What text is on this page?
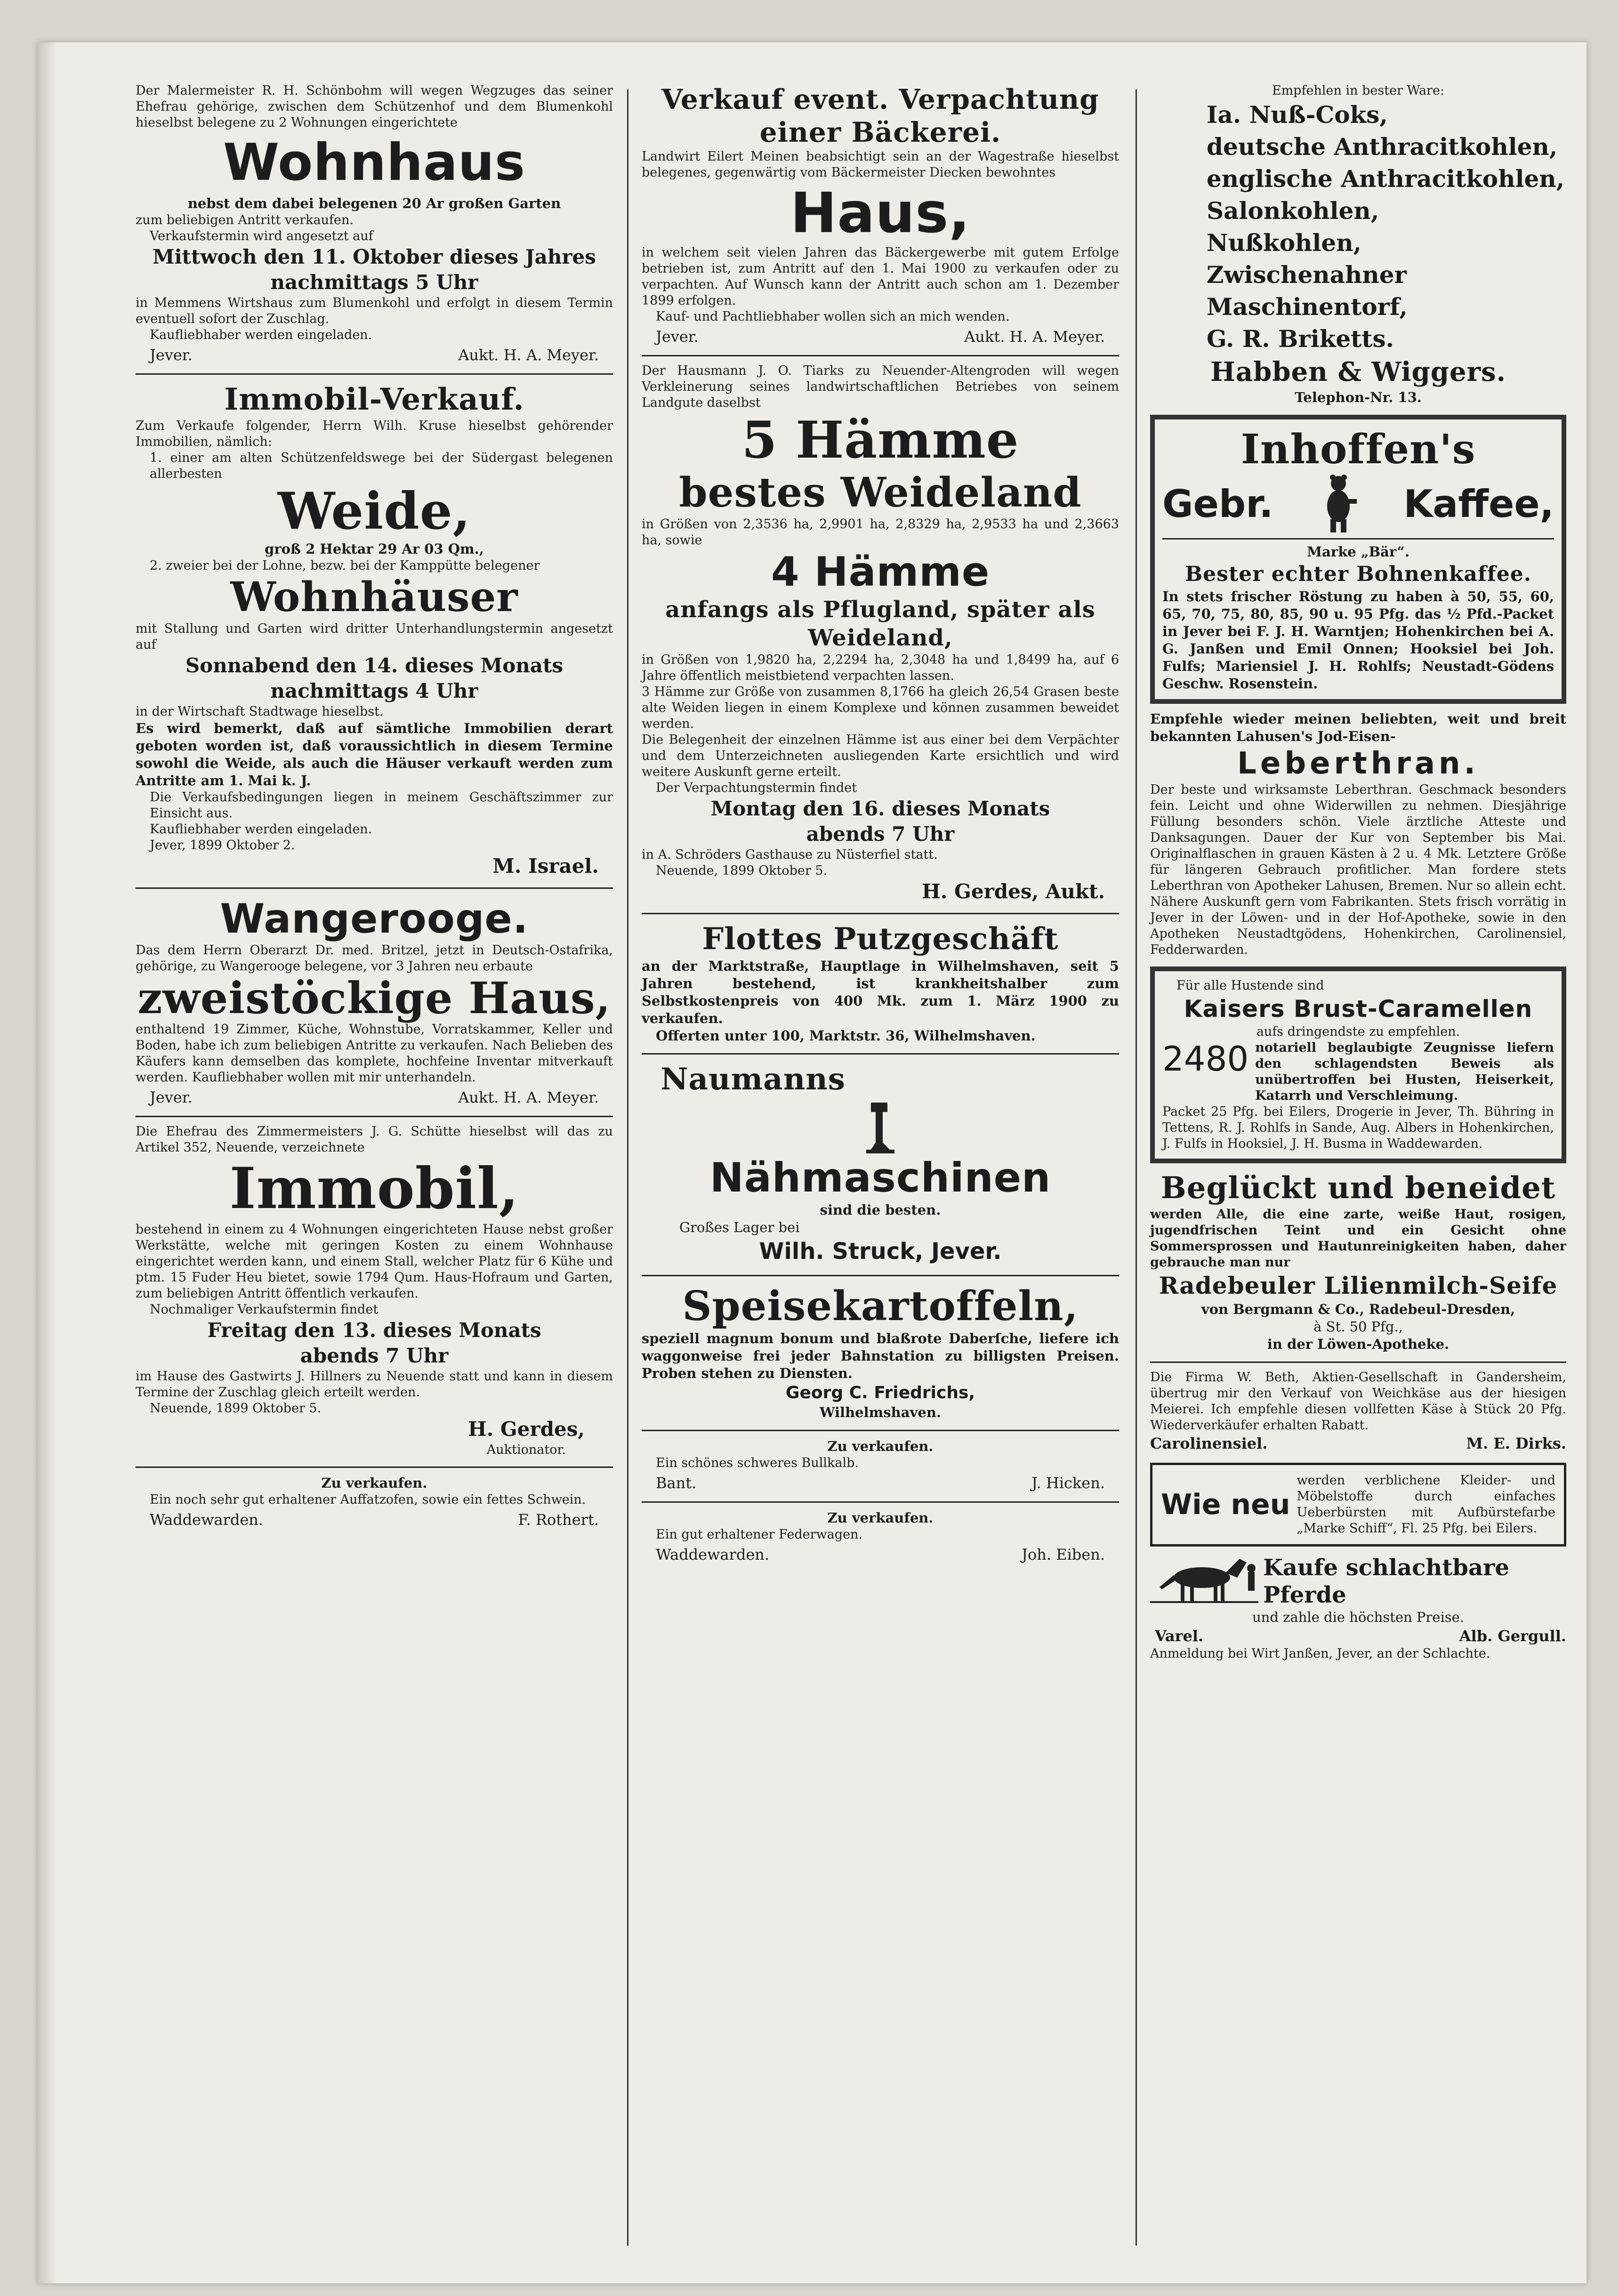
Der Malermeister R. H. Schönbohm will wegen Wegzuges das seiner Ehefrau gehörige, zwischen dem Schützenhof und dem Blumenkohl hieselbst belegene zu 2 Wohnungen eingerichtete

Wohnhaus

nebst dem dabei belegenen 20 Ar großen Garten

zum beliebigen Antritt verkaufen.

Verkaufstermin wird angesetzt auf

Mittwoch den 11. Oktober dieses Jahres

nachmittags 5 Uhr

in Memmens Wirtshaus zum Blumenkohl und erfolgt in diesem Termin eventuell sofort der Zuschlag.

Kaufliebhaber werden eingeladen.

Jever.	Aukt. H. A. Meyer.
Immobil-Verkauf.

Zum Verkaufe folgender, Herrn Wilh. Kruse hieselbst gehörender Immobilien, nämlich:

1. einer am alten Schützenfeldswege bei der Südergast belegenen allerbesten

Weide,

groß 2 Hektar 29 Ar 03 Qm.,

2. zweier bei der Lohne, bezw. bei der Kamppütte belegener

Wohnhäuser

mit Stallung und Garten wird dritter Unterhandlungstermin angesetzt auf

Sonnabend den 14. dieses Monats

nachmittags 4 Uhr

in der Wirtschaft Stadtwage hieselbst.

Es wird bemerkt, daß auf sämtliche Immobilien derart geboten worden ist, daß voraussichtlich in diesem Termine sowohl die Weide, als auch die Häuser verkauft werden zum Antritte am 1. Mai k. J.

Die Verkaufsbedingungen liegen in meinem Geschäftszimmer zur Einsicht aus.

Kaufliebhaber werden eingeladen.

Jever, 1899 Oktober 2.

M. Israel.

Wangerooge.

Das dem Herrn Oberarzt Dr. med. Britzel, jetzt in Deutsch-Ostafrika, gehörige, zu Wangerooge belegene, vor 3 Jahren neu erbaute

zweistöckige Haus,

enthaltend 19 Zimmer, Küche, Wohnstube, Vorratskammer, Keller und Boden, habe ich zum beliebigen Antritte zu verkaufen. Nach Belieben des Käufers kann demselben das komplete, hochfeine Inventar mitverkauft werden. Kaufliebhaber wollen mit mir unterhandeln.

Jever.	Aukt. H. A. Meyer.

Die Ehefrau des Zimmermeisters J. G. Schütte hieselbst will das zu Artikel 352, Neuende, verzeichnete

Immobil,

bestehend in einem zu 4 Wohnungen eingerichteten Hause nebst großer Werkstätte, welche mit geringen Kosten zu einem Wohnhause eingerichtet werden kann, und einem Stall, welcher Platz für 6 Kühe und ptm. 15 Fuder Heu bietet, sowie 1794 Qum. Haus-Hofraum und Garten, zum beliebigen Antritt öffentlich verkaufen.

Nochmaliger Verkaufstermin findet

Freitag den 13. dieses Monats

abends 7 Uhr

im Hause des Gastwirts J. Hillners zu Neuende statt und kann in diesem Termine der Zuschlag gleich erteilt werden.

Neuende, 1899 Oktober 5.

H. Gerdes,

Auktionator.

Zu verkaufen.

Ein noch sehr gut erhaltener Auffatzofen, sowie ein fettes Schwein.

Waddewarden.	F. Rothert.
Verkauf event. Verpachtung
einer Bäckerei.

Landwirt Eilert Meinen beabsichtigt sein an der Wagestraße hieselbst belegenes, gegenwärtig vom Bäckermeister Diecken bewohntes

Haus,

in welchem seit vielen Jahren das Bäckergewerbe mit gutem Erfolge betrieben ist, zum Antritt auf den 1. Mai 1900 zu verkaufen oder zu verpachten. Auf Wunsch kann der Antritt auch schon am 1. Dezember 1899 erfolgen.

Kauf- und Pachtliebhaber wollen sich an mich wenden.

Jever.	Aukt. H. A. Meyer.

Der Hausmann J. O. Tiarks zu Neuender-Altengroden will wegen Verkleinerung seines landwirtschaftlichen Betriebes von seinem Landgute daselbst

5 Hämme
bestes Weideland

in Größen von 2,3536 ha, 2,9901 ha, 2,8329 ha, 2,9533 ha und 2,3663 ha, sowie

4 Hämme
anfangs als Pflugland, später als Weideland,

in Größen von 1,9820 ha, 2,2294 ha, 2,3048 ha und 1,8499 ha, auf 6 Jahre öffentlich meistbietend verpachten lassen.

3 Hämme zur Größe von zusammen 8,1766 ha gleich 26,54 Grasen beste alte Weiden liegen in einem Komplexe und können zusammen beweidet werden.

Die Belegenheit der einzelnen Hämme ist aus einer bei dem Verpächter und dem Unterzeichneten ausliegenden Karte ersichtlich und wird weitere Auskunft gerne erteilt.

Der Verpachtungstermin findet

Montag den 16. dieses Monats

abends 7 Uhr

in A. Schröders Gasthause zu Nüsterfiel statt.

Neuende, 1899 Oktober 5.

H. Gerdes, Aukt.

Flottes Putzgeschäft

an der Marktstraße, Hauptlage in Wilhelmshaven, seit 5 Jahren bestehend, ist krankheitshalber zum Selbstkostenpreis von 400 Mk. zum 1. März 1900 zu verkaufen.

Offerten unter 100, Marktstr. 36, Wilhelmshaven.

Naumanns
Nähmaschinen

sind die besten.

Großes Lager bei

Wilh. Struck, Jever.

Speisekartoffeln,

speziell magnum bonum und blaßrote Daberſche, liefere ich waggonweise frei jeder Bahnstation zu billigsten Preisen. Proben stehen zu Diensten.

Georg C. Friedrichs,

Wilhelmshaven.

Zu verkaufen.

Ein schönes schweres Bullkalb.

Bant.	J. Hicken.

Zu verkaufen.

Ein gut erhaltener Federwagen.

Waddewarden.	Joh. Eiben.

Empfehlen in bester Ware:

Ia. Nuß-Coks,
deutsche Anthracitkohlen,
englische Anthracitkohlen,
Salonkohlen,
Nußkohlen,
Zwischenahner Maschinentorf,
G. R. Briketts.
Habben & Wiggers.

Telephon-Nr. 13.

Inhoffen's
Gebr.	Kaffee,

Marke „Bär“.

Bester echter Bohnenkaffee.

In stets frischer Röstung zu haben à 50, 55, 60, 65, 70, 75, 80, 85, 90 u. 95 Pfg. das ½ Pfd.-Packet in Jever bei F. J. H. Warntjen; Hohenkirchen bei A. G. Janßen und Emil Onnen; Hooksiel bei Joh. Fulfs; Mariensiel J. H. Rohlfs; Neustadt-Gödens Geschw. Rosenstein.

Empfehle wieder meinen beliebten, weit und breit bekannten Lahusen's Jod-Eisen-

Leberthran.

Der beste und wirksamste Leberthran. Geschmack besonders fein. Leicht und ohne Widerwillen zu nehmen. Diesjährige Füllung besonders schön. Viele ärztliche Atteste und Danksagungen. Dauer der Kur von September bis Mai. Originalflaschen in grauen Kästen à 2 u. 4 Mk. Letztere Größe für längeren Gebrauch profitlicher. Man fordere stets Leberthran von Apotheker Lahusen, Bremen. Nur so allein echt. Nähere Auskunft gern vom Fabrikanten. Stets frisch vorrätig in Jever in der Löwen- und in der Hof-Apotheke, sowie in den Apotheken Neustadtgödens, Hohenkirchen, Carolinensiel, Fedderwarden.

Für alle Hustende sind

Kaisers Brust-Caramellen

aufs dringendste zu empfehlen.

2480 notariell beglaubigte Zeugnisse liefern den schlagendsten Beweis als unübertroffen bei Husten, Heiserkeit, Katarrh und Verschleimung.

Packet 25 Pfg. bei Eilers, Drogerie in Jever, Th. Bühring in Tettens, R. J. Rohlfs in Sande, Aug. Albers in Hohenkirchen, J. Fulfs in Hooksiel, J. H. Busma in Waddewarden.

Beglückt und beneidet

werden Alle, die eine zarte, weiße Haut, rosigen, jugendfrischen Teint und ein Gesicht ohne Sommersprossen und Hautunreinigkeiten haben, daher gebrauche man nur

Radebeuler Lilienmilch-Seife

von Bergmann & Co., Radebeul-Dresden,

à St. 50 Pfg.,

in der Löwen-Apotheke.

Die Firma W. Beth, Aktien-Gesellschaft in Gandersheim, übertrug mir den Verkauf von Weichkäse aus der hiesigen Meierei. Ich empfehle diesen vollfetten Käse à Stück 20 Pfg. Wiederverkäufer erhalten Rabatt.

Carolinensiel.	M. E. Dirks.
Wie neu

werden verblichene Kleider- und Möbelstoffe durch einfaches Ueberbürsten mit Aufbürstefarbe „Marke Schiff“, Fl. 25 Pfg. bei Eilers.

Kaufe schlachtbare Pferde

und zahle die höchsten Preise.

Varel.	Alb. Gergull.

Anmeldung bei Wirt Janßen, Jever, an der Schlachte.
